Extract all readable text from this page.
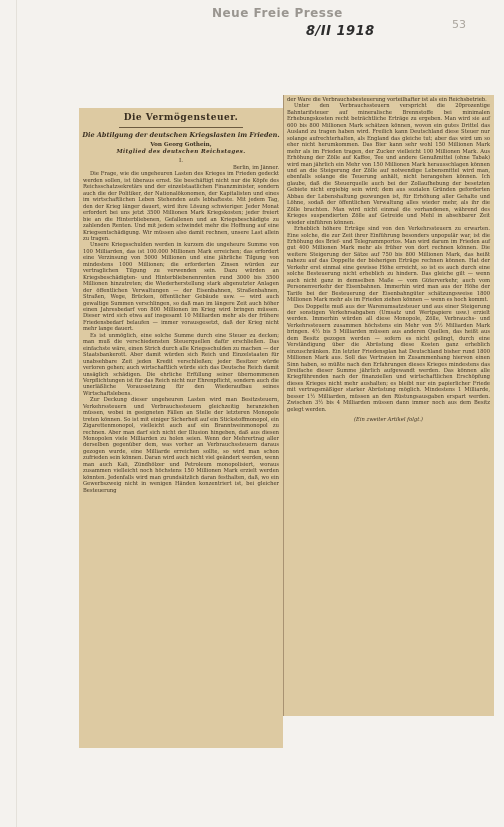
Neue Freie Presse
8/II 1918	53
Die Vermögensteuer.
Die Abtilgung der deutschen Kriegslasten im Frieden.
Von Georg Gothein,
Mitglied des deutschen Reichstages.
I.

Berlin, im Jänner.

Die Frage, wie die ungeheuren Lasten des Krieges im Frieden gedeckt werden sollen, ist überaus ernst. Sie beschäftigt nicht nur die Köpfe des Reichsschatzsekretärs und der einzelstaatlichen Finanzminister, sondern auch die der Politiker, der Nationalökonomen, der Kapitalisten und eines im wirtschaftlichen Leben Stehenden aufs lebhafteste. Mit jedem Tag, den der Krieg länger dauert, wird ihre Lösung schwieriger. Jeder Monat erfordert bei uns jetzt 3500 Millionen Mark Kriegskosten; jeder freiert bie an die Hinterbliebenen, Gefallenen und an Kriegsbeschädigte zu zahlenden Renten. Und mit jedem schwindet mehr die Hoffnung auf eine Kriegsentschädigung. Wir müssen also damit rechnen, unsere Last allein zu tragen.

Unsere Kriegsschulden werden in kurzem die ungeheure Summe von 100 Milliarden, das ist 100.000 Millionen Mark erreichen; das erfordert eine Verzinsung von 5000 Millionen und eine jährliche Tilgung von mindestens 1000 Millionen; die erforderten Zinsen würden zur vertraglichen Tilgung zu verwenden sein. Dazu würden an Kriegsbeschädigten- und Hinterbliebenenrenten rund 3000 bis 3500 Millionen hinzutreten; die Wiederherstellung stark abgenutzter Anlagen der öffentlichen Verwaltungen — der Eisenbahnen, Straßenbahnen, Straßen, Wege, Brücken, öffentlicher Gebäude usw. — wird auch gewaltige Summen verschlingen, so daß man im längere Zeit auch höher einen Jahresbedarf von 800 Millionen im Krieg wird bringen müssen. Dieser wird sich etwa auf insgesamt 10 Milliarden mehr als der frühere Friedensbedarf belaufen — immer vorausgesetzt, daß der Krieg nicht mehr lange dauert.

Es ist unmöglich, eine solche Summe durch eine Steuer zu decken; man muß die verschiedensten Steuerquellen dafür erschließen. Das einfachste wäre, einen Strich durch alle Kriegsschulden zu machen — der Staatsbankerott. Aber damit würden sich Reich und Einzelstaaten für unabsehbare Zeit jeden Kredit verschließen; jeder Besitzer würde verloren gehen; auch wirtschaftlich würde sich das Deutsche Reich damit unsäglich schädigen. Die ehrliche Erfüllung seiner übernommenen Verpflichtungen ist für das Reich nicht nur Ehrenpflicht, sondern auch die unerläßliche Voraussetzung für den Wiederaufbau seines Wirtschaftslebens.

Zur Deckung dieser ungeheuren Lasten wird man Besitzsteuern, Verkehrssteuern und Verbrauchssteuern gleichzeitig heranziehen müssen, wobei in geeigneten Fällen an Stelle der letzteren Monopole treten können. So ist mit einiger Sicherheit auf ein Stickstoffmonopol, ein Zigarettenmonopol, vielleicht auch auf ein Branntweinmonopol zu rechnen. Aber man darf sich nicht der Illusion hingeben, daß aus diesen Monopolen viele Milliarden zu holen seien. Wenn der Mehrertrag aller derselben gegenüber dem, was vorher an Verbrauchssteuern daraus gezogen wurde, eine Milliarde erreichen sollte, so wird man schon zufrieden sein können. Daran wird auch nicht viel geändert werden, wenn man auch Kali, Zündhölzer und Petroleum monopolisiert, woraus zusammen vielleicht noch höchstens 150 Millionen Mark erzielt werden könnten. Jedenfalls wird man grundsätzlich daran festhalten, daß, wo ein Gewerbszweig nicht in wenigen Händen konzentriert ist, bei gleicher Besteuerung

der Ware die Verbrauchsbesteuerung vorteilhafter ist als ein Reichsbetrieb.

Unter den Verbrauchssteuern verspricht die 20prozentige Bahntarifsteuer auf mineralische Brennstoffe bei minimalen Erhebungskosten recht beträchtliche Erträge zu ergeben. Man wird sie auf 600 bis 800 Millionen Mark schätzen können, wovon ein gutes Drittel das Ausland zu tragen haben wird. Freilich kann Deutschland diese Steuer nur solange aufrechterhalten, als England das gleiche tut; aber das wird um so eher nicht herumkommen. Das Bier kann sehr wohl 150 Millionen Mark mehr als im Frieden tragen, der Zucker vielleicht 100 Millionen Mark. Aus Erhöhung der Zölle auf Kaffee, Tee und andere Genußmittel (ohne Tabak) wird man jährlich ein Mehr von 150 Millionen Mark herausschlagen können und an die Steigerung der Zölle auf notwendige Lebensmittel wird man, ebenfalls solange die Teuerung anhält, nicht herangehen können. Ich glaube, daß die Steuerquelle auch bei der Zollaufhebung der besetzten Gebiete nicht ergiebig sein wird; dem aus sozialen Gründen geforderten Abbau der Lebenshaltung gezwungen ist, für Erhöhung aller Gehalte und Löhne, sodaß der öffentlichen Verwaltung alles wieder mehr, als ihr die Zölle brachten. Man wird nicht einmal die vorhandenen, während des Krieges suspendierten Zölle auf Getreide und Mehl in absehbarer Zeit wieder einführen können.

Erheblich höhere Erträge sind von den Verkehrssteuern zu erwarten. Eine solche, die zur Zeit ihrer Einführung besonders unpopulär war, ist die Erhöhung des Brief- und Telegrammportos. Man wird darum im Frieden auf gut 400 Millionen Mark mehr als früher von dort rechnen können. Die weitere Steigerung der Sätze auf 750 bis 800 Millionen Mark, das heißt nahezu auf das Doppelte der bisherigen Erträge rechnen können. Hat der Verkehr erst einmal eine gewisse Höhe erreicht, so ist es auch durch eine solche Besteuerung nicht erheblich zu hindern. Das gleiche gilt — wenn auch nicht ganz in demselben Maße — vom Güterverkehr, auch vom Personenverkehr der Eisenbahnen. Immerhin wird man aus der Höhe der Tarife bei der Besteuerung der Eisenbahngüter schätzungsweise 1800 Millionen Mark mehr als im Frieden ziehen können — wenn es hoch kommt.

Des Doppelte muß aus der Warenumsatzsteuer und aus einer Steigerung der sonstigen Verkehrsabgaben (Umsatz und Wertpapiere usw.) erzielt werden. Immerhin würden all diese Monopole, Zölle, Verbrauchs- und Verkehrssteuern zusammen höchstens ein Mehr von 5½ Milliarden Mark bringen. 4½ bis 5 Milliarden müssen aus anderen Quellen, das heißt aus dem Besitz gezogen werden — sofern es nicht gelingt, durch eine Verständigung über die Abrüstung diese Kosten ganz erheblich einzuschränken. Ein letzter Friedensplan hat Deutschland bisher rund 1800 Millionen Mark aus. Soll das Vertrauen im Zusammenhang hiervon einen Sinn haben, so müßte nach den Erfahrungen dieses Krieges mindestens das Dreifache dieser Summe jährlich aufgewandt werden. Das können alle Kriegführenden nach der finanziellen und wirtschaftlichen Erschöpfung dieses Krieges nicht mehr aushalten; es bleibt nur ein papierlicher Friede mit vertragsmäßiger starker Abrüstung möglich. Mindestens 1 Milliarde, besser 1½ Milliarden, müssen an den Rüstungsausgaben erspart werden. Zwischen 3½ bis 4 Milliarden müssen dann immer noch aus dem Besitz gelegt werden.

(Ein zweiter Artikel folgt.)
